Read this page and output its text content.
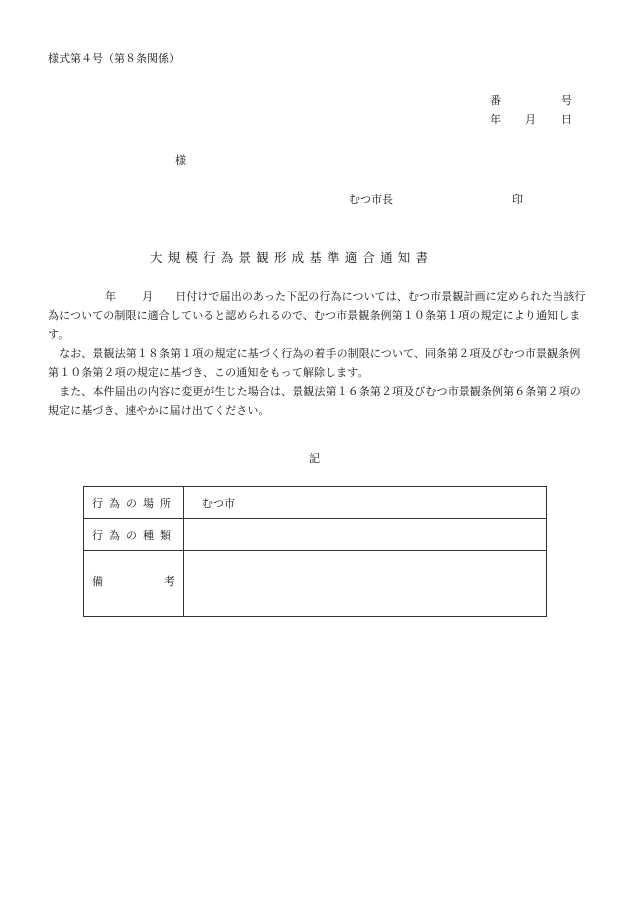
様式第４号（第８条関係）
番	号
年 月 日
様
むつ市長	印
大規模行為景観形成基準適合通知書

年 月 日付けで届出のあった下記の行為については、むつ市景観計画に定められた当該行為についての制限に適合していると認められるので、むつ市景観条例第１０条第１項の規定により通知します。

　なお、景観法第１８条第１項の規定に基づく行為の着手の制限について、同条第２項及びむつ市景観条例第１０条第２項の規定に基づき、この通知をもって解除します。

　また、本件届出の内容に変更が生じた場合は、景観法第１６条第２項及びむつ市景観条例第６条第２項の規定に基づき、速やかに届け出てください。

記
行為の場所	むつ市
行為の種類	

備 考	
